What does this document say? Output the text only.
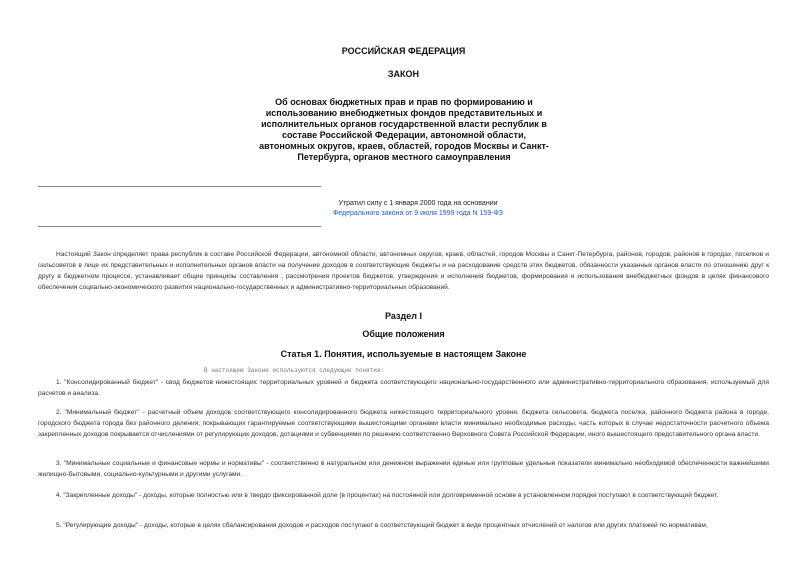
РОССИЙСКАЯ ФЕДЕРАЦИЯ
ЗАКОН
Об основах бюджетных прав и прав по формированию и использованию внебюджетных фондов представительных и исполнительных органов государственной власти республик в составе Российской Федерации, автономной области, автономных округов, краев, областей, городов Москвы и Санкт-Петербурга, органов местного самоуправления
Утратил силу с 1 января 2000 года на основании
Федерального закона от 9 июля 1999 года N 159-ФЗ
Настоящий Закон определяет права республик в составе Российской Федерации, автономной области, автономных округов, краев, областей, городов Москвы и Санкт-Петербурга, районов, городов, районов в городах, поселков и сельсоветов в лице их представительных и исполнительных органов власти на получение доходов в соответствующие бюджеты и на расходование средств этих бюджетов, обязанности указанных органов власти по отношению друг к другу в бюджетном процессе, устанавливает общие принципы составления , рассмотрения проектов бюджетов, утверждения и исполнения бюджетов, формирования и использования внебюджетных фондов в целях финансового обеспечения социально-экономического развития национально-государственных и административно-территориальных образований.
Раздел I
Общие положения
Статья 1. Понятия, используемые в настоящем Законе
В настоящем Законе используются следующие понятия:
1. "Консолидированный бюджет" - свод бюджетов нижестоящих территориальных уровней и бюджета соответствующего национально-государственного или административно-территориального образования, используемый для расчетов и анализа.
2. "Минимальный бюджет" - расчетный объем доходов соответствующего консолидированного бюджета нижестоящего территориального уровня, бюджета сельсовета, бюджета поселка, районного бюджета района в городе, городского бюджета города без районного деления, покрывающих гарантируемые соответствующими вышестоящими органами власти минимально необходимые расходы, часть которых в случае недостаточности расчетного объема закрепленных доходов покрывается отчислениями от регулирующих доходов, дотациями и субвенциями по решению соответственно Верховного Совета Российской Федерации, иного вышестоящего представительного органа власти.
3. "Минимальные социальные и финансовые нормы и нормативы" - соответственно в натуральном или денежном выражении единые или групповые удельные показатели минимально необходимой обеспеченности важнейшими жилищно-бытовыми, социально-культурными и другими услугами.
4. "Закрепленные доходы" - доходы, которые полностью или в твердо фиксированной доле (в процентах) на постоянной или долговременной основе в установленном порядке поступают в соответствующий бюджет.
5. "Регулирующие доходы" - доходы, которые в целях сбалансирования доходов и расходов поступают в соответствующий бюджет в виде процентных отчислений от налогов или других платежей по нормативам,
